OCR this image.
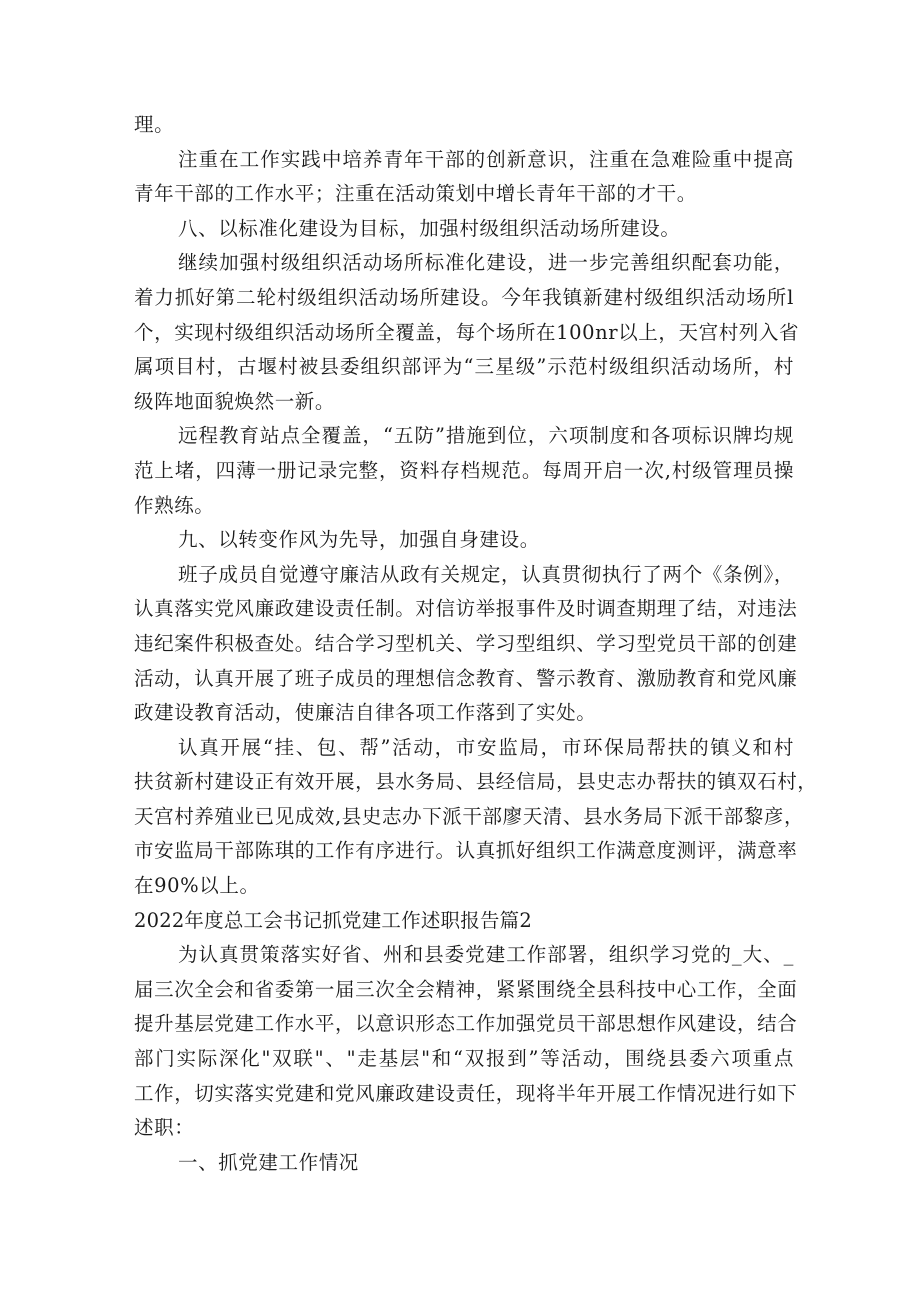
理。
注重在工作实践中培养青年干部的创新意识，注重在急难险重中提高
青年干部的工作水平；注重在活动策划中增长青年干部的才干。
八、以标准化建设为目标，加强村级组织活动场所建设。
继续加强村级组织活动场所标准化建设，进一步完善组织配套功能，
着力抓好第二轮村级组织活动场所建设。今年我镇新建村级组织活动场所l
个，实现村级组织活动场所全覆盖，每个场所在100nr以上，天宫村列入省
属项目村，古堰村被县委组织部评为“三星级”示范村级组织活动场所，村
级阵地面貌焕然一新。
远程教育站点全覆盖，“五防”措施到位，六项制度和各项标识牌均规
范上堵，四薄一册记录完整，资料存档规范。每周开启一次,村级管理员操
作熟练。
九、以转变作风为先导，加强自身建设。
班子成员自觉遵守廉洁从政有关规定，认真贯彻执行了两个《条例》，
认真落实党风廉政建设责任制。对信访举报事件及时调查期理了结，对违法
违纪案件积极查处。结合学习型机关、学习型组织、学习型党员干部的创建
活动，认真开展了班子成员的理想信念教育、警示教育、激励教育和党风廉
政建设教育活动，使廉洁自律各项工作落到了实处。
认真开展“挂、包、帮”活动，市安监局，市环保局帮扶的镇义和村
扶贫新村建设正有效开展，县水务局、县经信局，县史志办帮扶的镇双石村，
天宫村养殖业已见成效,县史志办下派干部廖天清、县水务局下派干部黎彦，
市安监局干部陈琪的工作有序进行。认真抓好组织工作满意度测评，满意率
在90%以上。
2022年度总工会书记抓党建工作述职报告篇2
为认真贯策落实好省、州和县委党建工作部署，组织学习党的_大、_
届三次全会和省委第一届三次全会精神，紧紧围绕全县科技中心工作，全面
提升基层党建工作水平，以意识形态工作加强党员干部思想作风建设，结合
部门实际深化"双联"、"走基层"和“双报到”等活动，围绕县委六项重点
工作，切实落实党建和党风廉政建设责任，现将半年开展工作情况进行如下
述职：
一、抓党建工作情况
